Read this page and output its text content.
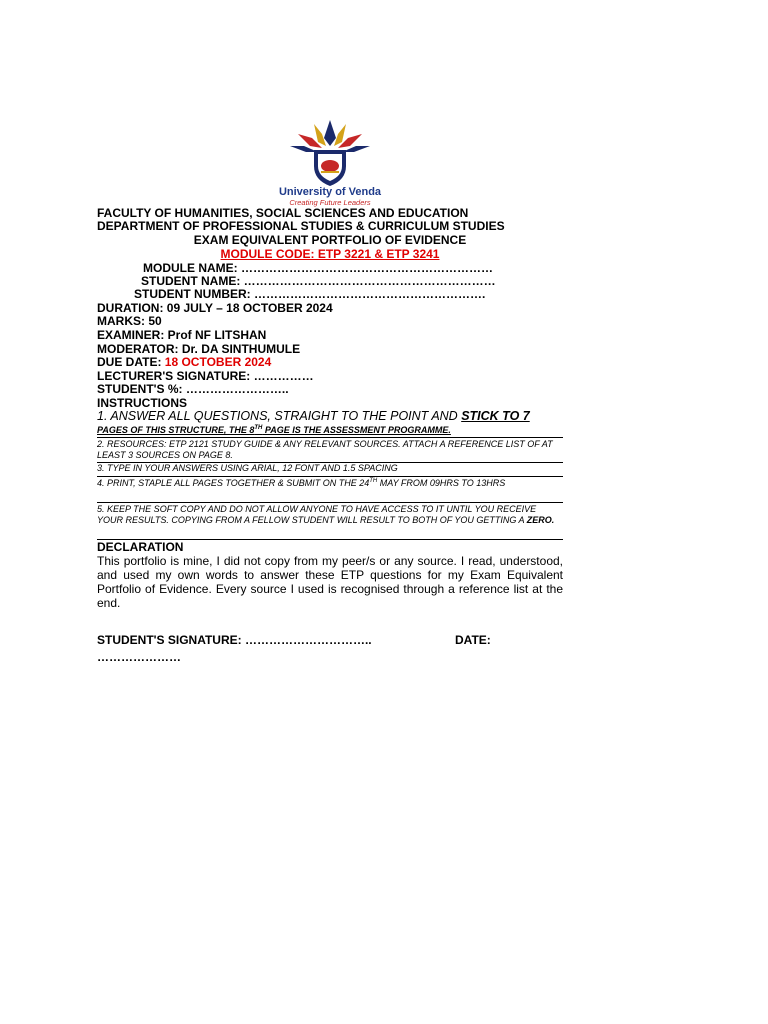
University of Venda
Creating Future Leaders
FACULTY OF HUMANITIES, SOCIAL SCIENCES AND EDUCATION
DEPARTMENT OF PROFESSIONAL STUDIES & CURRICULUM STUDIES
EXAM EQUIVALENT PORTFOLIO OF EVIDENCE
MODULE CODE: ETP 3221 & ETP 3241
MODULE NAME: ………………………………………………………
STUDENT NAME: ………………………………………………………
STUDENT NUMBER: ………………………………………………….
DURATION: 09 JULY – 18 OCTOBER 2024
MARKS: 50
EXAMINER: Prof NF LITSHAN
MODERATOR: Dr. DA SINTHUMULE
DUE DATE: 18 OCTOBER 2024
LECTURER'S SIGNATURE: ……………
STUDENT'S %: ……………………..
INSTRUCTIONS
1. ANSWER ALL QUESTIONS, STRAIGHT TO THE POINT AND STICK TO 7
PAGES OF THIS STRUCTURE, THE 8TH PAGE IS THE ASSESSMENT PROGRAMME.
2. RESOURCES: ETP 2121 STUDY GUIDE & ANY RELEVANT SOURCES. ATTACH A REFERENCE LIST OF AT LEAST 3 SOURCES ON PAGE 8.
3. TYPE IN YOUR ANSWERS USING ARIAL, 12 FONT AND 1.5 SPACING
4. PRINT, STAPLE ALL PAGES TOGETHER & SUBMIT ON THE 24TH MAY FROM 09HRS TO 13HRS
5. KEEP THE SOFT COPY AND DO NOT ALLOW ANYONE TO HAVE ACCESS TO IT UNTIL YOU RECEIVE YOUR RESULTS. COPYING FROM A FELLOW STUDENT WILL RESULT TO BOTH OF YOU GETTING A ZERO.
DECLARATION
This portfolio is mine, I did not copy from my peer/s or any source. I read, understood, and used my own words to answer these ETP questions for my Exam Equivalent Portfolio of Evidence. Every source I used is recognised through a reference list at the end.
STUDENT'S SIGNATURE: …………………………..	DATE:
…………………
